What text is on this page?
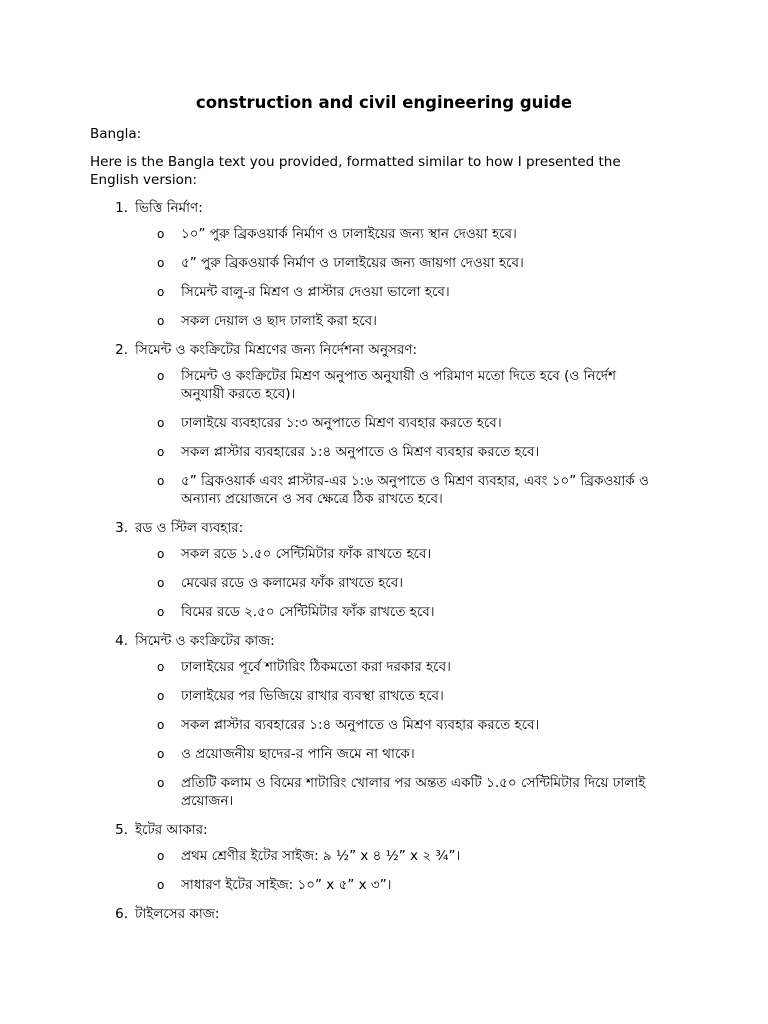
construction and civil engineering guide

Bangla:

Here is the Bangla text you provided, formatted similar to how I presented the English version:

1. ভিত্তি নির্মাণ:
o	১০” পুরু ব্রিকওয়ার্ক নির্মাণ ও ঢালাইয়ের জন্য স্থান দেওয়া হবে।
o	৫” পুরু ব্রিকওয়ার্ক নির্মাণ ও ঢালাইয়ের জন্য জায়গা দেওয়া হবে।
o	সিমেন্ট বালু-র মিশ্রণ ও প্লাস্টার দেওয়া ভালো হবে।
o	সকল দেয়াল ও ছাদ ঢালাই করা হবে।
2. সিমেন্ট ও কংক্রিটের মিশ্রণের জন্য নির্দেশনা অনুসরণ:
o	সিমেন্ট ও কংক্রিটের মিশ্রণ অনুপাত অনুযায়ী ও পরিমাণ মতো দিতে হবে (ও নির্দেশ অনুযায়ী করতে হবে)।
o	ঢালাইয়ে ব্যবহারের ১:৩ অনুপাতে মিশ্রণ ব্যবহার করতে হবে।
o	সকল প্লাস্টার ব্যবহারের ১:৪ অনুপাতে ও মিশ্রণ ব্যবহার করতে হবে।
o	৫” ব্রিকওয়ার্ক এবং প্লাস্টার-এর ১:৬ অনুপাতে ও মিশ্রণ ব্যবহার, এবং ১০” ব্রিকওয়ার্ক ও অন্যান্য প্রয়োজনে ও সব ক্ষেত্রে ঠিক রাখতে হবে।
3. রড ও স্টিল ব্যবহার:
o	সকল রডে ১.৫০ সেন্টিমিটার ফাঁক রাখতে হবে।
o	মেঝের রডে ও কলামের ফাঁক রাখতে হবে।
o	বিমের রডে ২.৫০ সেন্টিমিটার ফাঁক রাখতে হবে।
4. সিমেন্ট ও কংক্রিটের কাজ:
o	ঢালাইয়ের পূর্বে শাটারিং ঠিকমতো করা দরকার হবে।
o	ঢালাইয়ের পর ভিজিয়ে রাখার ব্যবস্থা রাখতে হবে।
o	সকল প্লাস্টার ব্যবহারের ১:৪ অনুপাতে ও মিশ্রণ ব্যবহার করতে হবে।
o	ও প্রয়োজনীয় ছাদের-র পানি জমে না থাকে।
o	প্রতিটি কলাম ও বিমের শাটারিং খোলার পর অন্তত একটি ১.৫০ সেন্টিমিটার দিয়ে ঢালাই প্রয়োজন।
5. ইটের আকার:
o	প্রথম শ্রেণীর ইটের সাইজ: ৯ ½” x ৪ ½” x ২ ¾”।
o	সাধারণ ইটের সাইজ: ১০” x ৫” x ৩”।
6. টাইলসের কাজ:
